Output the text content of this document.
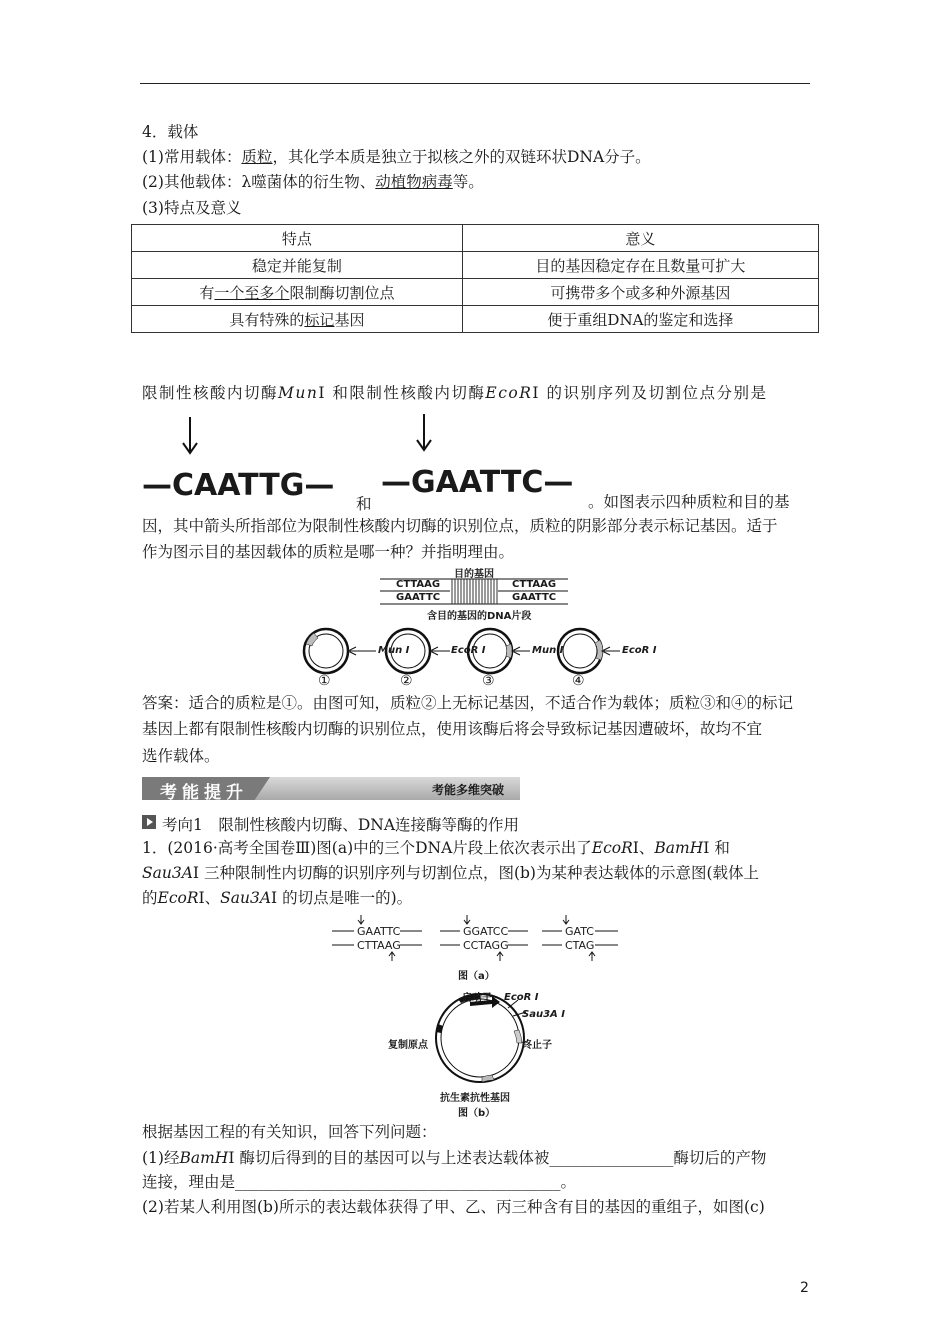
4．载体
(1)常用载体：质粒，其化学本质是独立于拟核之外的双链环状DNA分子。
(2)其他载体：λ噬菌体的衍生物、动植物病毒等。
(3)特点及意义
特点	意义
稳定并能复制	目的基因稳定存在且数量可扩大
有一个至多个限制酶切割位点	可携带多个或多种外源基因
具有特殊的标记基因	便于重组DNA的鉴定和选择
限制性核酸内切酶MunⅠ 和限制性核酸内切酶EcoRⅠ 的识别序列及切割位点分别是
—CAATTG—
和
—GAATTC—
。如图表示四种质粒和目的基
因，其中箭头所指部位为限制性核酸内切酶的识别位点，质粒的阴影部分表示标记基因。适于
作为图示目的基因载体的质粒是哪一种？并指明理由。
目的基因
CTTAAG
GAATTC
CTTAAG
GAATTC
含目的基因的DNA片段
Mun Ⅰ	EcoR Ⅰ	Mun Ⅰ	EcoR Ⅰ
①	②	③	④
答案：适合的质粒是①。由图可知，质粒②上无标记基因，不适合作为载体；质粒③和④的标记
基因上都有限制性核酸内切酶的识别位点，使用该酶后将会导致标记基因遭破坏，故均不宜
选作载体。
考能提升	考能多维突破
考向1　限制性核酸内切酶、DNA连接酶等酶的作用
1．(2016·高考全国卷Ⅲ)图(a)中的三个DNA片段上依次表示出了EcoRⅠ、BamHⅠ 和
Sau3AⅠ 三种限制性内切酶的识别序列与切割位点，图(b)为某种表达载体的示意图(载体上
的EcoRⅠ、Sau3AⅠ 的切点是唯一的)。
GAATTC
CTTAAG
GGATCC
CCTAGG
GATC
CTAG
图（a）
启动子 EcoR Ⅰ
Sau3A Ⅰ
复制原点	终止子
抗生素抗性基因
图（b）
根据基因工程的有关知识，回答下列问题：
(1)经BamHⅠ 酶切后得到的目的基因可以与上述表达载体被________________酶切后的产物
连接，理由是__________________________________________。
(2)若某人利用图(b)所示的表达载体获得了甲、乙、丙三种含有目的基因的重组子，如图(c)
2
